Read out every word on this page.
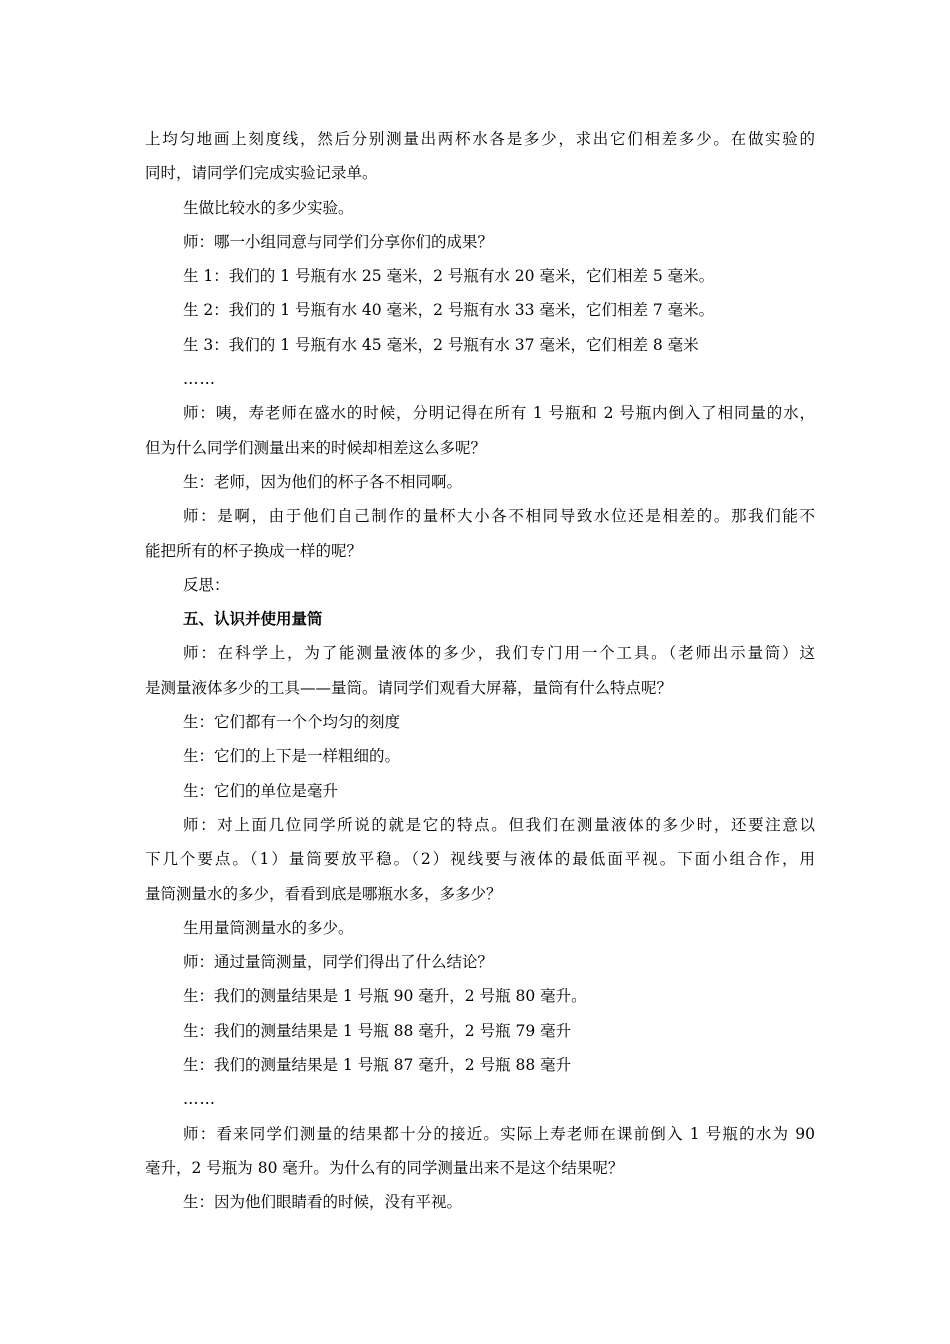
上均匀地画上刻度线，然后分别测量出两杯水各是多少，求出它们相差多少。在做实验的
同时，请同学们完成实验记录单。
生做比较水的多少实验。
师：哪一小组同意与同学们分享你们的成果？
生 1：我们的 1 号瓶有水 25 毫米，2 号瓶有水 20 毫米，它们相差 5 毫米。
生 2：我们的 1 号瓶有水 40 毫米，2 号瓶有水 33 毫米，它们相差 7 毫米。
生 3：我们的 1 号瓶有水 45 毫米，2 号瓶有水 37 毫米，它们相差 8 毫米
……
师：咦，寿老师在盛水的时候，分明记得在所有 1 号瓶和 2 号瓶内倒入了相同量的水，
但为什么同学们测量出来的时候却相差这么多呢？
生：老师，因为他们的杯子各不相同啊。
师：是啊，由于他们自己制作的量杯大小各不相同导致水位还是相差的。那我们能不
能把所有的杯子换成一样的呢？
反思：
五、认识并使用量筒
师：在科学上，为了能测量液体的多少，我们专门用一个工具。（老师出示量筒）这
是测量液体多少的工具——量筒。请同学们观看大屏幕，量筒有什么特点呢？
生：它们都有一个个均匀的刻度
生：它们的上下是一样粗细的。
生：它们的单位是毫升
师：对上面几位同学所说的就是它的特点。但我们在测量液体的多少时，还要注意以
下几个要点。（1）量筒要放平稳。（2）视线要与液体的最低面平视。下面小组合作，用
量筒测量水的多少，看看到底是哪瓶水多，多多少？
生用量筒测量水的多少。
师：通过量筒测量，同学们得出了什么结论？
生：我们的测量结果是 1 号瓶 90 毫升，2 号瓶 80 毫升。
生：我们的测量结果是 1 号瓶 88 毫升，2 号瓶 79 毫升
生：我们的测量结果是 1 号瓶 87 毫升，2 号瓶 88 毫升
……
师：看来同学们测量的结果都十分的接近。实际上寿老师在课前倒入 1 号瓶的水为 90
毫升，2 号瓶为 80 毫升。为什么有的同学测量出来不是这个结果呢？
生：因为他们眼睛看的时候，没有平视。
